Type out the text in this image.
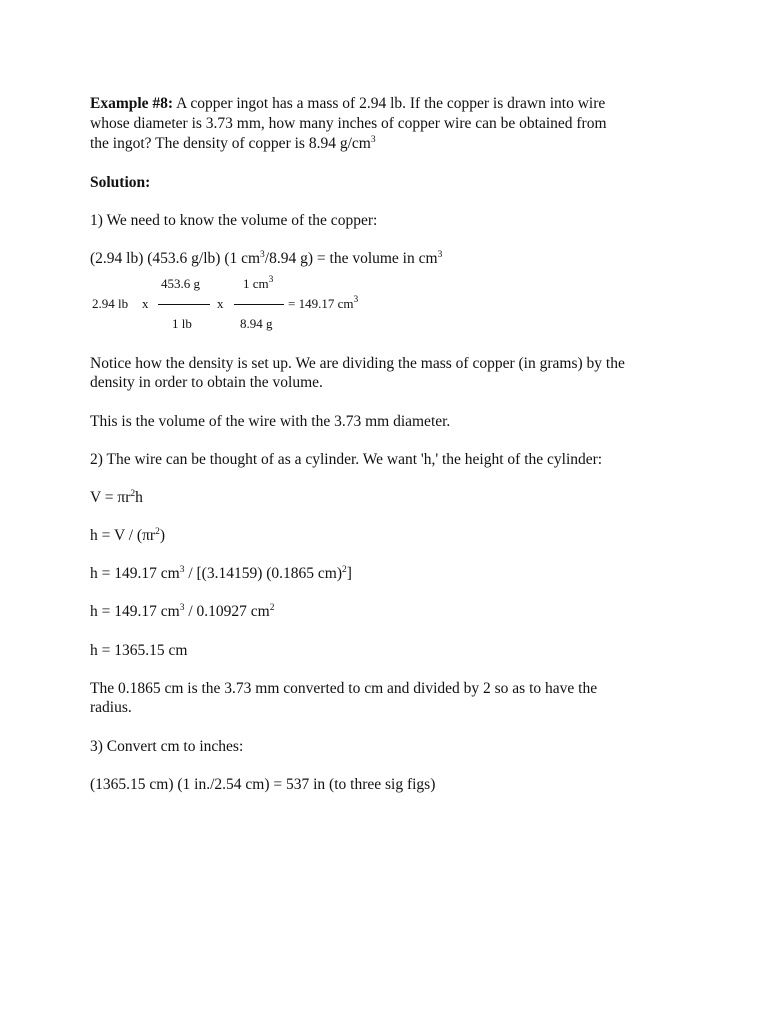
Example #8: A copper ingot has a mass of 2.94 lb. If the copper is drawn into wire
whose diameter is 3.73 mm, how many inches of copper wire can be obtained from
the ingot? The density of copper is 8.94 $g/cm^3$
Solution:
1) We need to know the volume of the copper:
(2.94 lb) (453.6 g/lb) (1 $cm^3/8.94$ g) = the volume in $cm^3$
2.94 lb x
453.6 g
1 lb
x
1 $cm^3$
8.94 g
= 149.17 $cm^3$
Notice how the density is set up. We are dividing the mass of copper (in grams) by the
density in order to obtain the volume.
This is the volume of the wire with the 3.73 mm diameter.
2) The wire can be thought of as a cylinder. We want 'h,' the height of the cylinder:
$V = \pi r^2h$
$h = V / (\pi r^2)$
h = 149.17 $cm^3 / [(3.14159)$ (0.1865 cm)$^2$]
h = 149.17 $cm^3 / 0.10927$ $cm^2$
h = 1365.15 cm
The 0.1865 cm is the 3.73 mm converted to cm and divided by 2 so as to have the
radius.
3) Convert cm to inches:
(1365.15 cm) (1 in./2.54 cm) = 537 in (to three sig figs)
